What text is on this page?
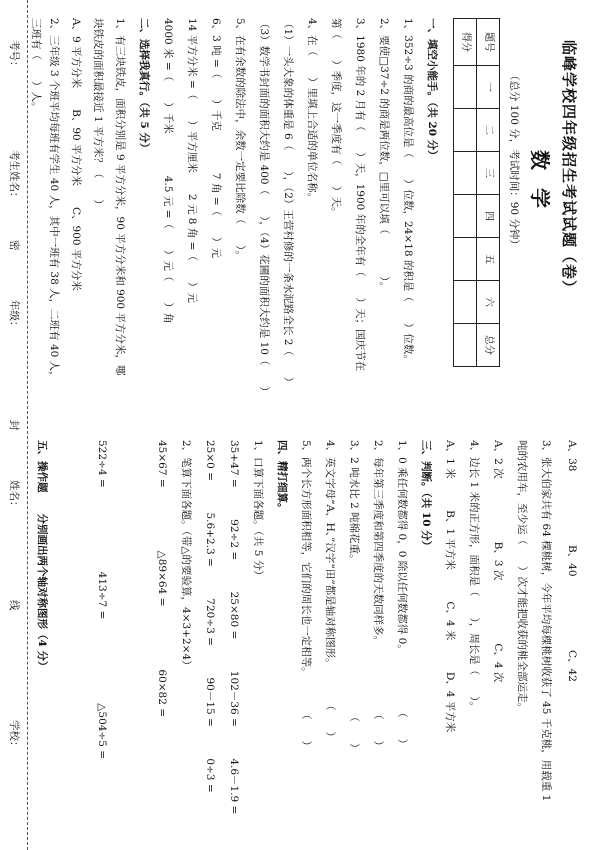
考号：
考生姓名：
密
年级：
封
姓名：
线
学校：
临峰学校四年级招生考试试题（卷）
数学
（总分 100 分，考试时间：90 分钟）
题号	一	二	三	四	五	六	总分
得分							
一、填空小能手。（共 20 分）
1、352÷3 的商的最高位是（　　）位数，24×18 的积是（　　）位数。
2、要使□37÷2 的商是两位数，□里可以填（　　　　）。
3、1980 年的 2 月有（　　）天，1900 年的全年有（　　）天；国庆节在
第（　　）季度，这一季度有（　　）天。
4、在（　　）里填上合适的单位名称。
（1）一头大象的体重是 6（　　），（2）王营村修的一条水泥路全长 2（　　）
（3）数学书封面的面积大约是 400（　　），（4）花圃的面积大约是 10（　　）
5、在有余数的除法中，余数一定要比除数（　　）。
6、3 吨 =（　　）千克　　　　7 角 =（　　）元
14 平方分米 =（　　）平方厘米　　2 元 8 角 =（　　）元
4000 米 =（　　）千米　　　　4.5 元 =（　　）元（　　）角
二、选择我真行。（共 5 分）
1、有三块铁皮，面积分别是 9 平方分米，90 平方分米和 900 平方分米，哪
块铁皮的面积最接近 1 平方米？（　　）
A、9 平方分米　　B、90 平方分米　　C、900 平方分米
2、三年级 3 个班平均每班有学生 40 人，其中一班有 38 人，二班有 40 人，
三班有（　　）人。
A、38　　　　　　　B、40　　　　　　　C、42
3、张大伯家共有 64 棵桃树，今年平均每棵桃树收获了 45 千克桃，用载重 1
吨的农用车，至少运（　　）次才能把收获的桃全部运走。
A、2 次　　　　　　B、3 次　　　　　　C、4 次
4、边长 1 米的正方形，面积是（　　），周长是（　　）。
A、1 米　　　B、1 平方米　　　C、4 米　　　D、4 平方米
三、判断。（共 10 分）
1、0 乘任何数都得 0，0 除以任何数都得 0。　　　　　　（　　）
2、每年第三季度和第四季度的天数同样多。　　　　　　　（　　）
3、2 吨水比 2 吨棉花重。　　　　　　　　　　　　　　　（　　）
4、英文字母“A、H、”汉字“田”都是轴对称图形。　　　　（　　）
5、两个长方形面积相等，它们的周长也一定相等。　　　　（　　）
四、精打细算。
1、口算下面各题。（共 5 分）
35+47 =　　　92÷2 =　　　25×80 =　　　102－36 =　　　4.6－1.9 =
25×0 =　　　5.6+2.3 =　　　720÷3 =　　　90－15 =　　　0÷3 =
2、笔算下面各题。（带△的要验算，4×3+2×4）
45×67 =　　　　　　△89×64 =　　　　　　60×82 =
522÷4 =　　　　　　　　413÷7 =　　　　　　　　△504÷5 =
五、操作题　　分别画出两个轴对称图形（4 分）
